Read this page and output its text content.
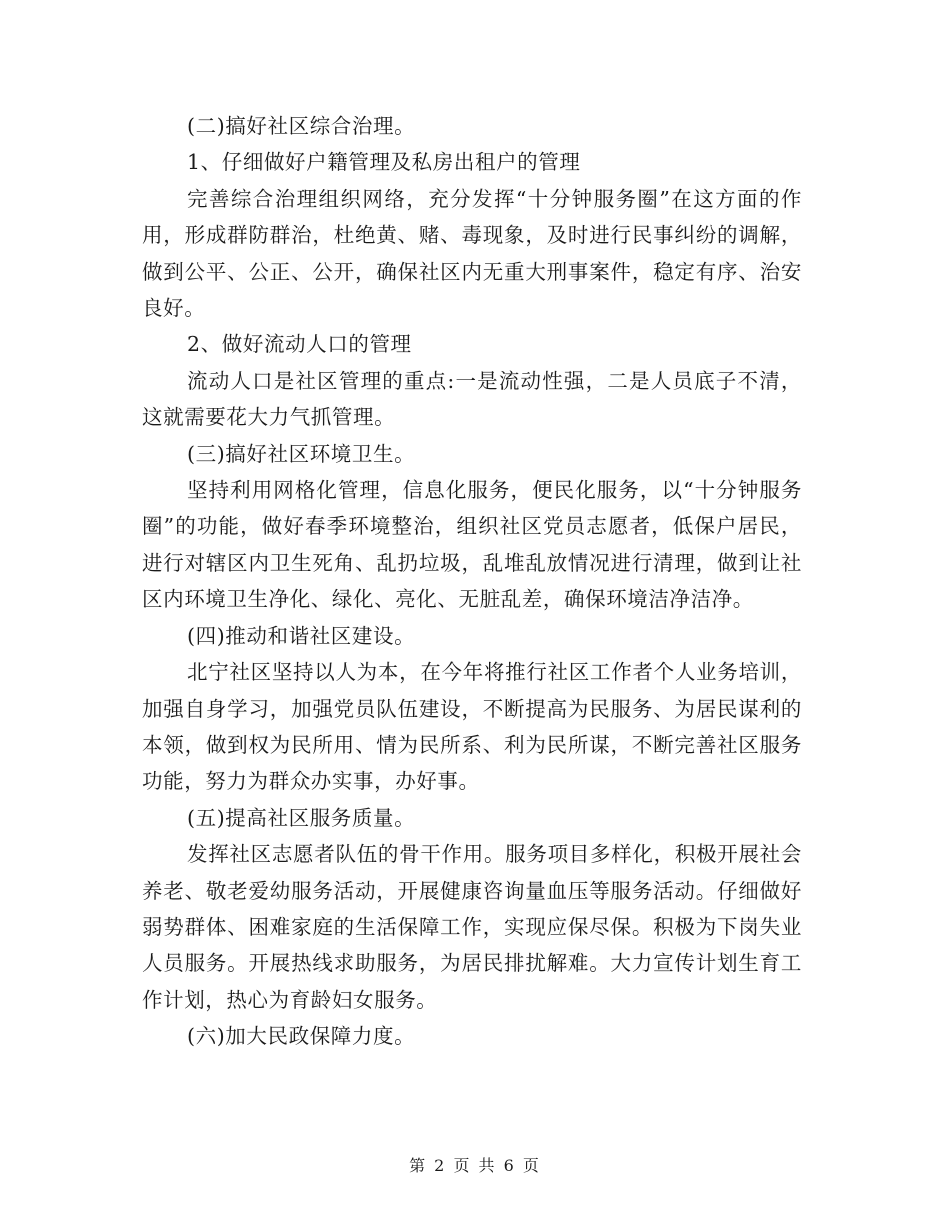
(二)搞好社区综合治理。

1、仔细做好户籍管理及私房出租户的管理

完善综合治理组织网络，充分发挥“十分钟服务圈”在这方面的作用，形成群防群治，杜绝黄、赌、毒现象，及时进行民事纠纷的调解，做到公平、公正、公开，确保社区内无重大刑事案件，稳定有序、治安良好。

2、做好流动人口的管理

流动人口是社区管理的重点:一是流动性强，二是人员底子不清，这就需要花大力气抓管理。

(三)搞好社区环境卫生。

坚持利用网格化管理，信息化服务，便民化服务，以“十分钟服务圈”的功能，做好春季环境整治，组织社区党员志愿者，低保户居民，进行对辖区内卫生死角、乱扔垃圾，乱堆乱放情况进行清理，做到让社区内环境卫生净化、绿化、亮化、无脏乱差，确保环境洁净洁净。

(四)推动和谐社区建设。

北宁社区坚持以人为本，在今年将推行社区工作者个人业务培训，加强自身学习，加强党员队伍建设，不断提高为民服务、为居民谋利的本领，做到权为民所用、情为民所系、利为民所谋，不断完善社区服务功能，努力为群众办实事，办好事。

(五)提高社区服务质量。

发挥社区志愿者队伍的骨干作用。服务项目多样化，积极开展社会养老、敬老爱幼服务活动，开展健康咨询量血压等服务活动。仔细做好弱势群体、困难家庭的生活保障工作，实现应保尽保。积极为下岗失业人员服务。开展热线求助服务，为居民排扰解难。大力宣传计划生育工作计划，热心为育龄妇女服务。

(六)加大民政保障力度。

第 2 页 共 6 页
